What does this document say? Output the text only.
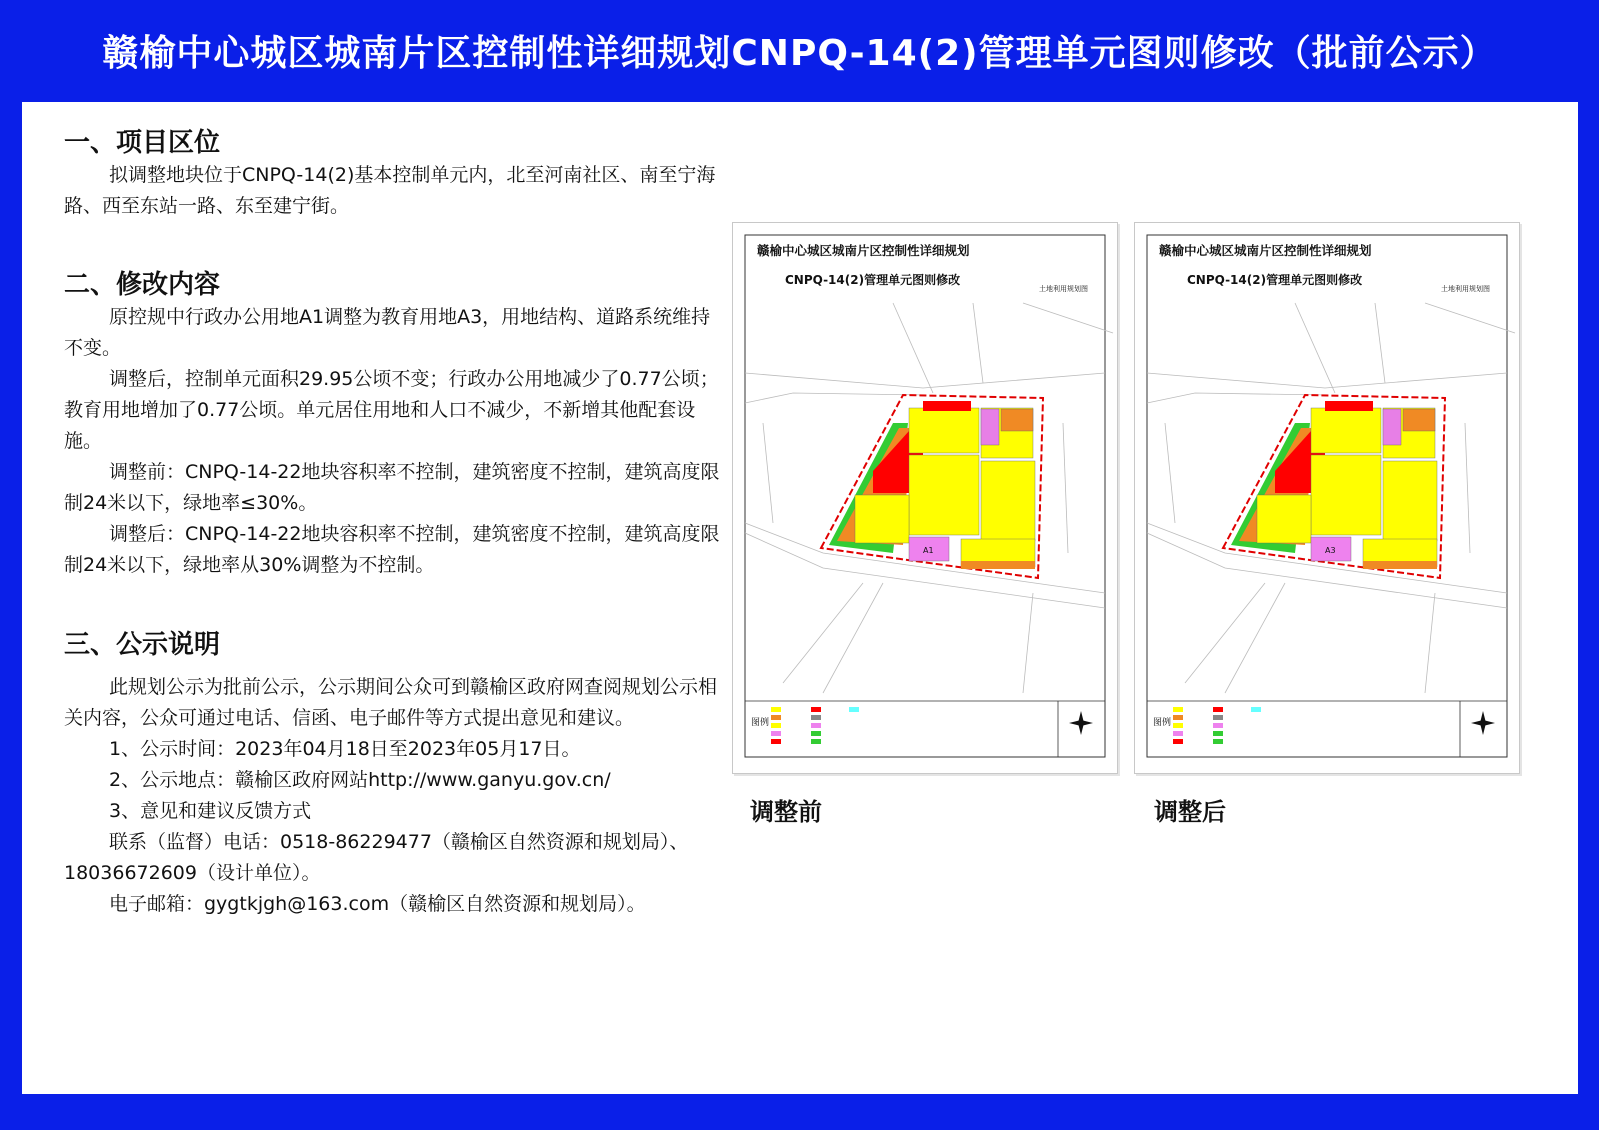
赣榆中心城区城南片区控制性详细规划CNPQ-14(2)管理单元图则修改（批前公示）
一、项目区位

拟调整地块位于CNPQ-14(2)基本控制单元内，北至河南社区、南至宁海路、西至东站一路、东至建宁街。

二、修改内容

原控规中行政办公用地A1调整为教育用地A3，用地结构、道路系统维持不变。

调整后，控制单元面积29.95公顷不变；行政办公用地减少了0.77公顷；教育用地增加了0.77公顷。单元居住用地和人口不减少，不新增其他配套设施。

调整前：CNPQ-14-22地块容积率不控制，建筑密度不控制，建筑高度限制24米以下，绿地率≤30%。

调整后：CNPQ-14-22地块容积率不控制，建筑密度不控制，建筑高度限制24米以下，绿地率从30%调整为不控制。

三、公示说明

此规划公示为批前公示，公示期间公众可到赣榆区政府网查阅规划公示相关内容，公众可通过电话、信函、电子邮件等方式提出意见和建议。

1、公示时间：2023年04月18日至2023年05月17日。

2、公示地点：赣榆区政府网站http://www.ganyu.gov.cn/

3、意见和建议反馈方式

联系（监督）电话：0518-86229477（赣榆区自然资源和规划局）、18036672609（设计单位）。

电子邮箱：gygtkjgh@163.com（赣榆区自然资源和规划局）。

赣榆中心城区城南片区控制性详细规划
CNPQ-14(2)管理单元图则修改
土地利用规划图
A1
图例
调整前
赣榆中心城区城南片区控制性详细规划
CNPQ-14(2)管理单元图则修改
土地利用规划图
A3
图例
调整后
